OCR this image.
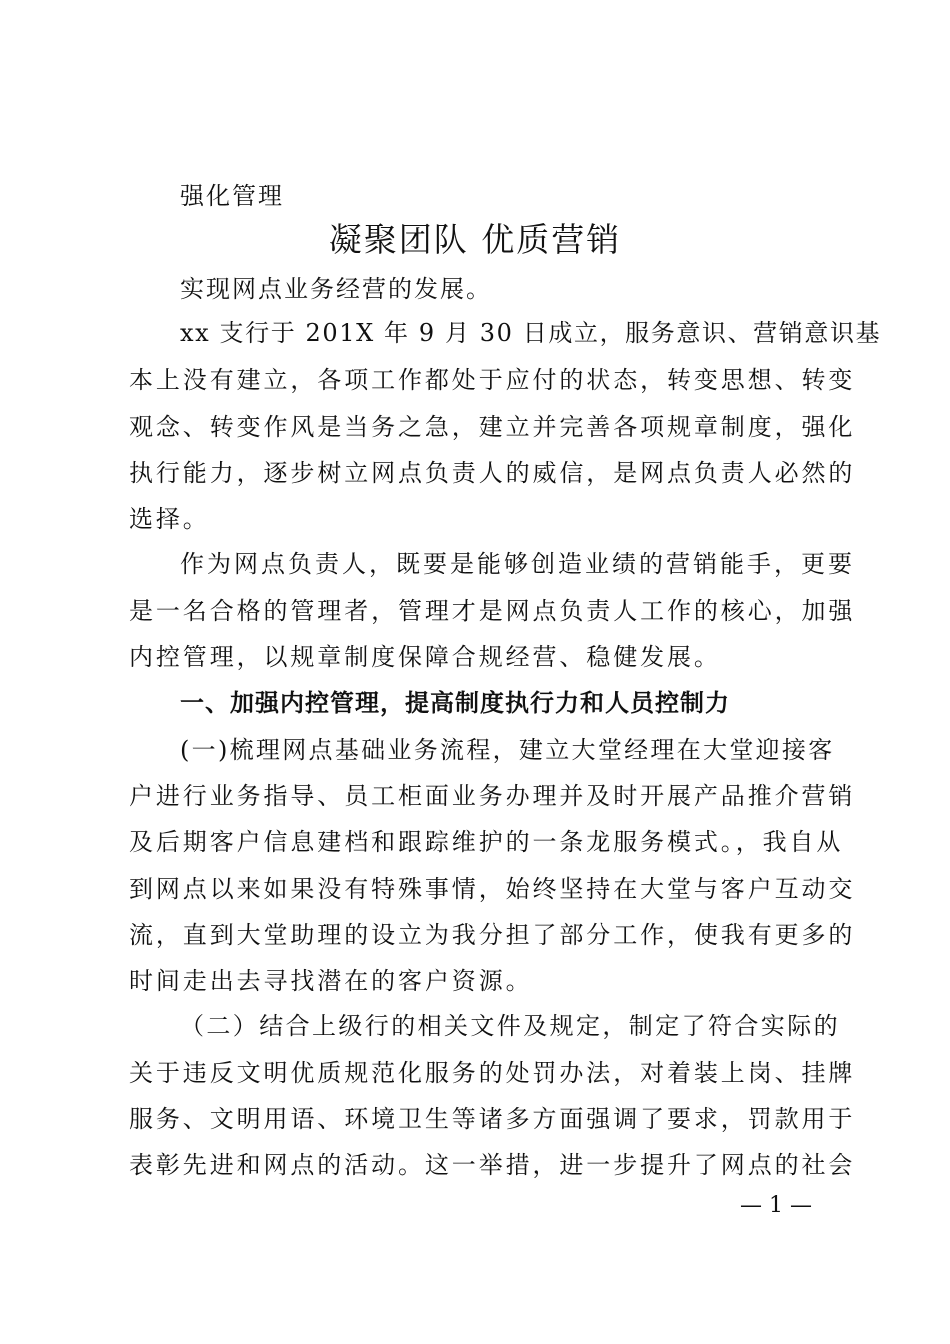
强化管理
凝聚团队 优质营销
实现网点业务经营的发展。
xx 支行于 201X 年 9 月 30 日成立，服务意识、营销意识基
本上没有建立，各项工作都处于应付的状态，转变思想、转变
观念、转变作风是当务之急，建立并完善各项规章制度，强化
执行能力，逐步树立网点负责人的威信，是网点负责人必然的
选择。
作为网点负责人，既要是能够创造业绩的营销能手，更要
是一名合格的管理者，管理才是网点负责人工作的核心，加强
内控管理，以规章制度保障合规经营、稳健发展。
一、加强内控管理，提高制度执行力和人员控制力
(一)梳理网点基础业务流程，建立大堂经理在大堂迎接客
户进行业务指导、员工柜面业务办理并及时开展产品推介营销
及后期客户信息建档和跟踪维护的一条龙服务模式。，我自从
到网点以来如果没有特殊事情，始终坚持在大堂与客户互动交
流，直到大堂助理的设立为我分担了部分工作，使我有更多的
时间走出去寻找潜在的客户资源。
（二）结合上级行的相关文件及规定，制定了符合实际的
关于违反文明优质规范化服务的处罚办法，对着装上岗、挂牌
服务、文明用语、环境卫生等诸多方面强调了要求，罚款用于
表彰先进和网点的活动。这一举措，进一步提升了网点的社会
— 1 —
